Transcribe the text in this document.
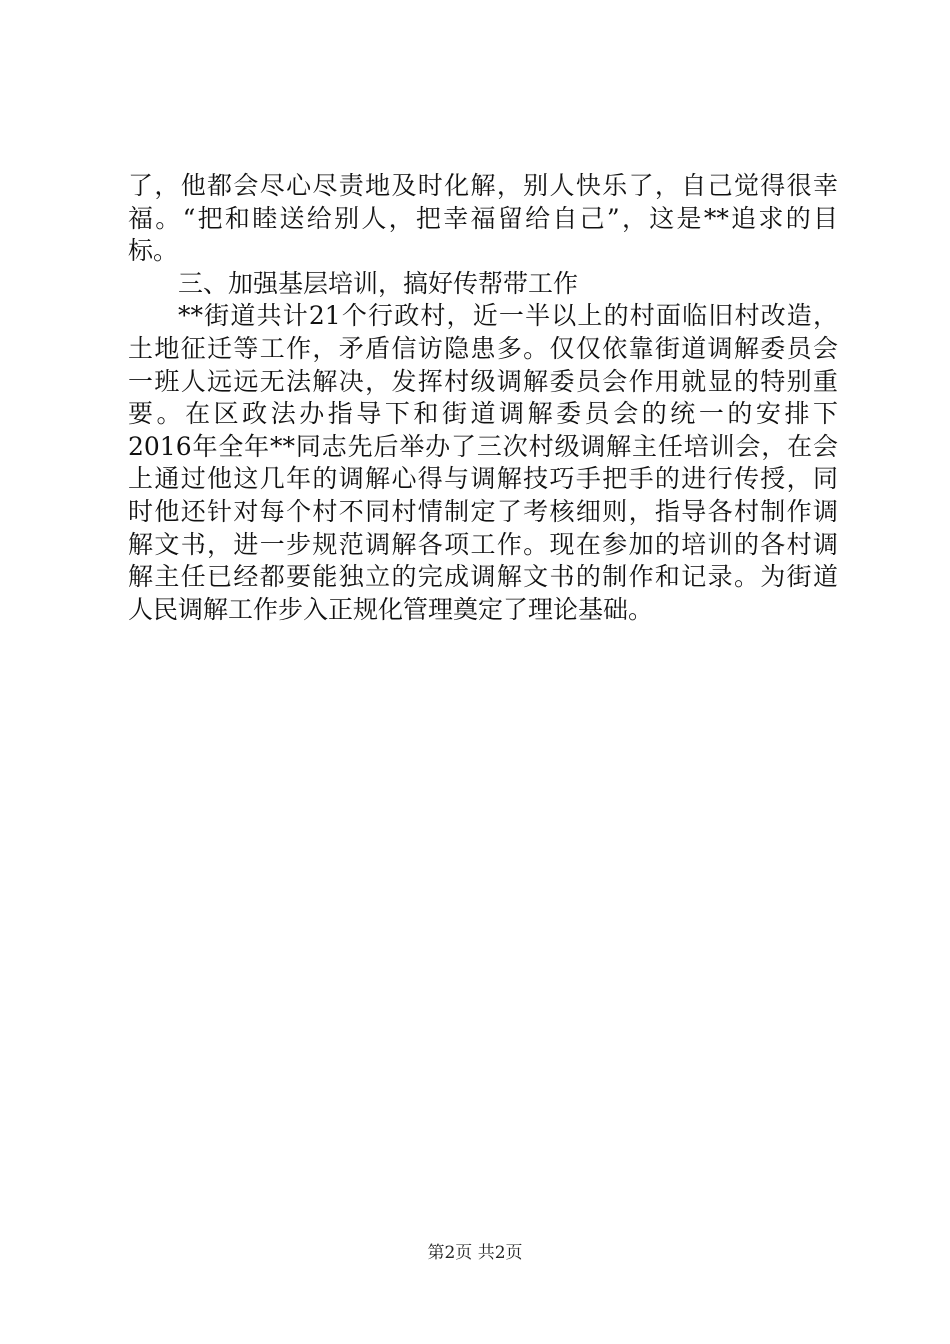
了，他都会尽心尽责地及时化解，别人快乐了，自己觉得很幸
福。“把和睦送给别人，把幸福留给自己”，这是**追求的目
标。
三、加强基层培训，搞好传帮带工作
**街道共计21个行政村，近一半以上的村面临旧村改造，
土地征迁等工作，矛盾信访隐患多。仅仅依靠街道调解委员会
一班人远远无法解决，发挥村级调解委员会作用就显的特别重
要。在区政法办指导下和街道调解委员会的统一的安排下
2016年全年**同志先后举办了三次村级调解主任培训会，在会
上通过他这几年的调解心得与调解技巧手把手的进行传授，同
时他还针对每个村不同村情制定了考核细则，指导各村制作调
解文书，进一步规范调解各项工作。现在参加的培训的各村调
解主任已经都要能独立的完成调解文书的制作和记录。为街道
人民调解工作步入正规化管理奠定了理论基础。
第2页 共2页
